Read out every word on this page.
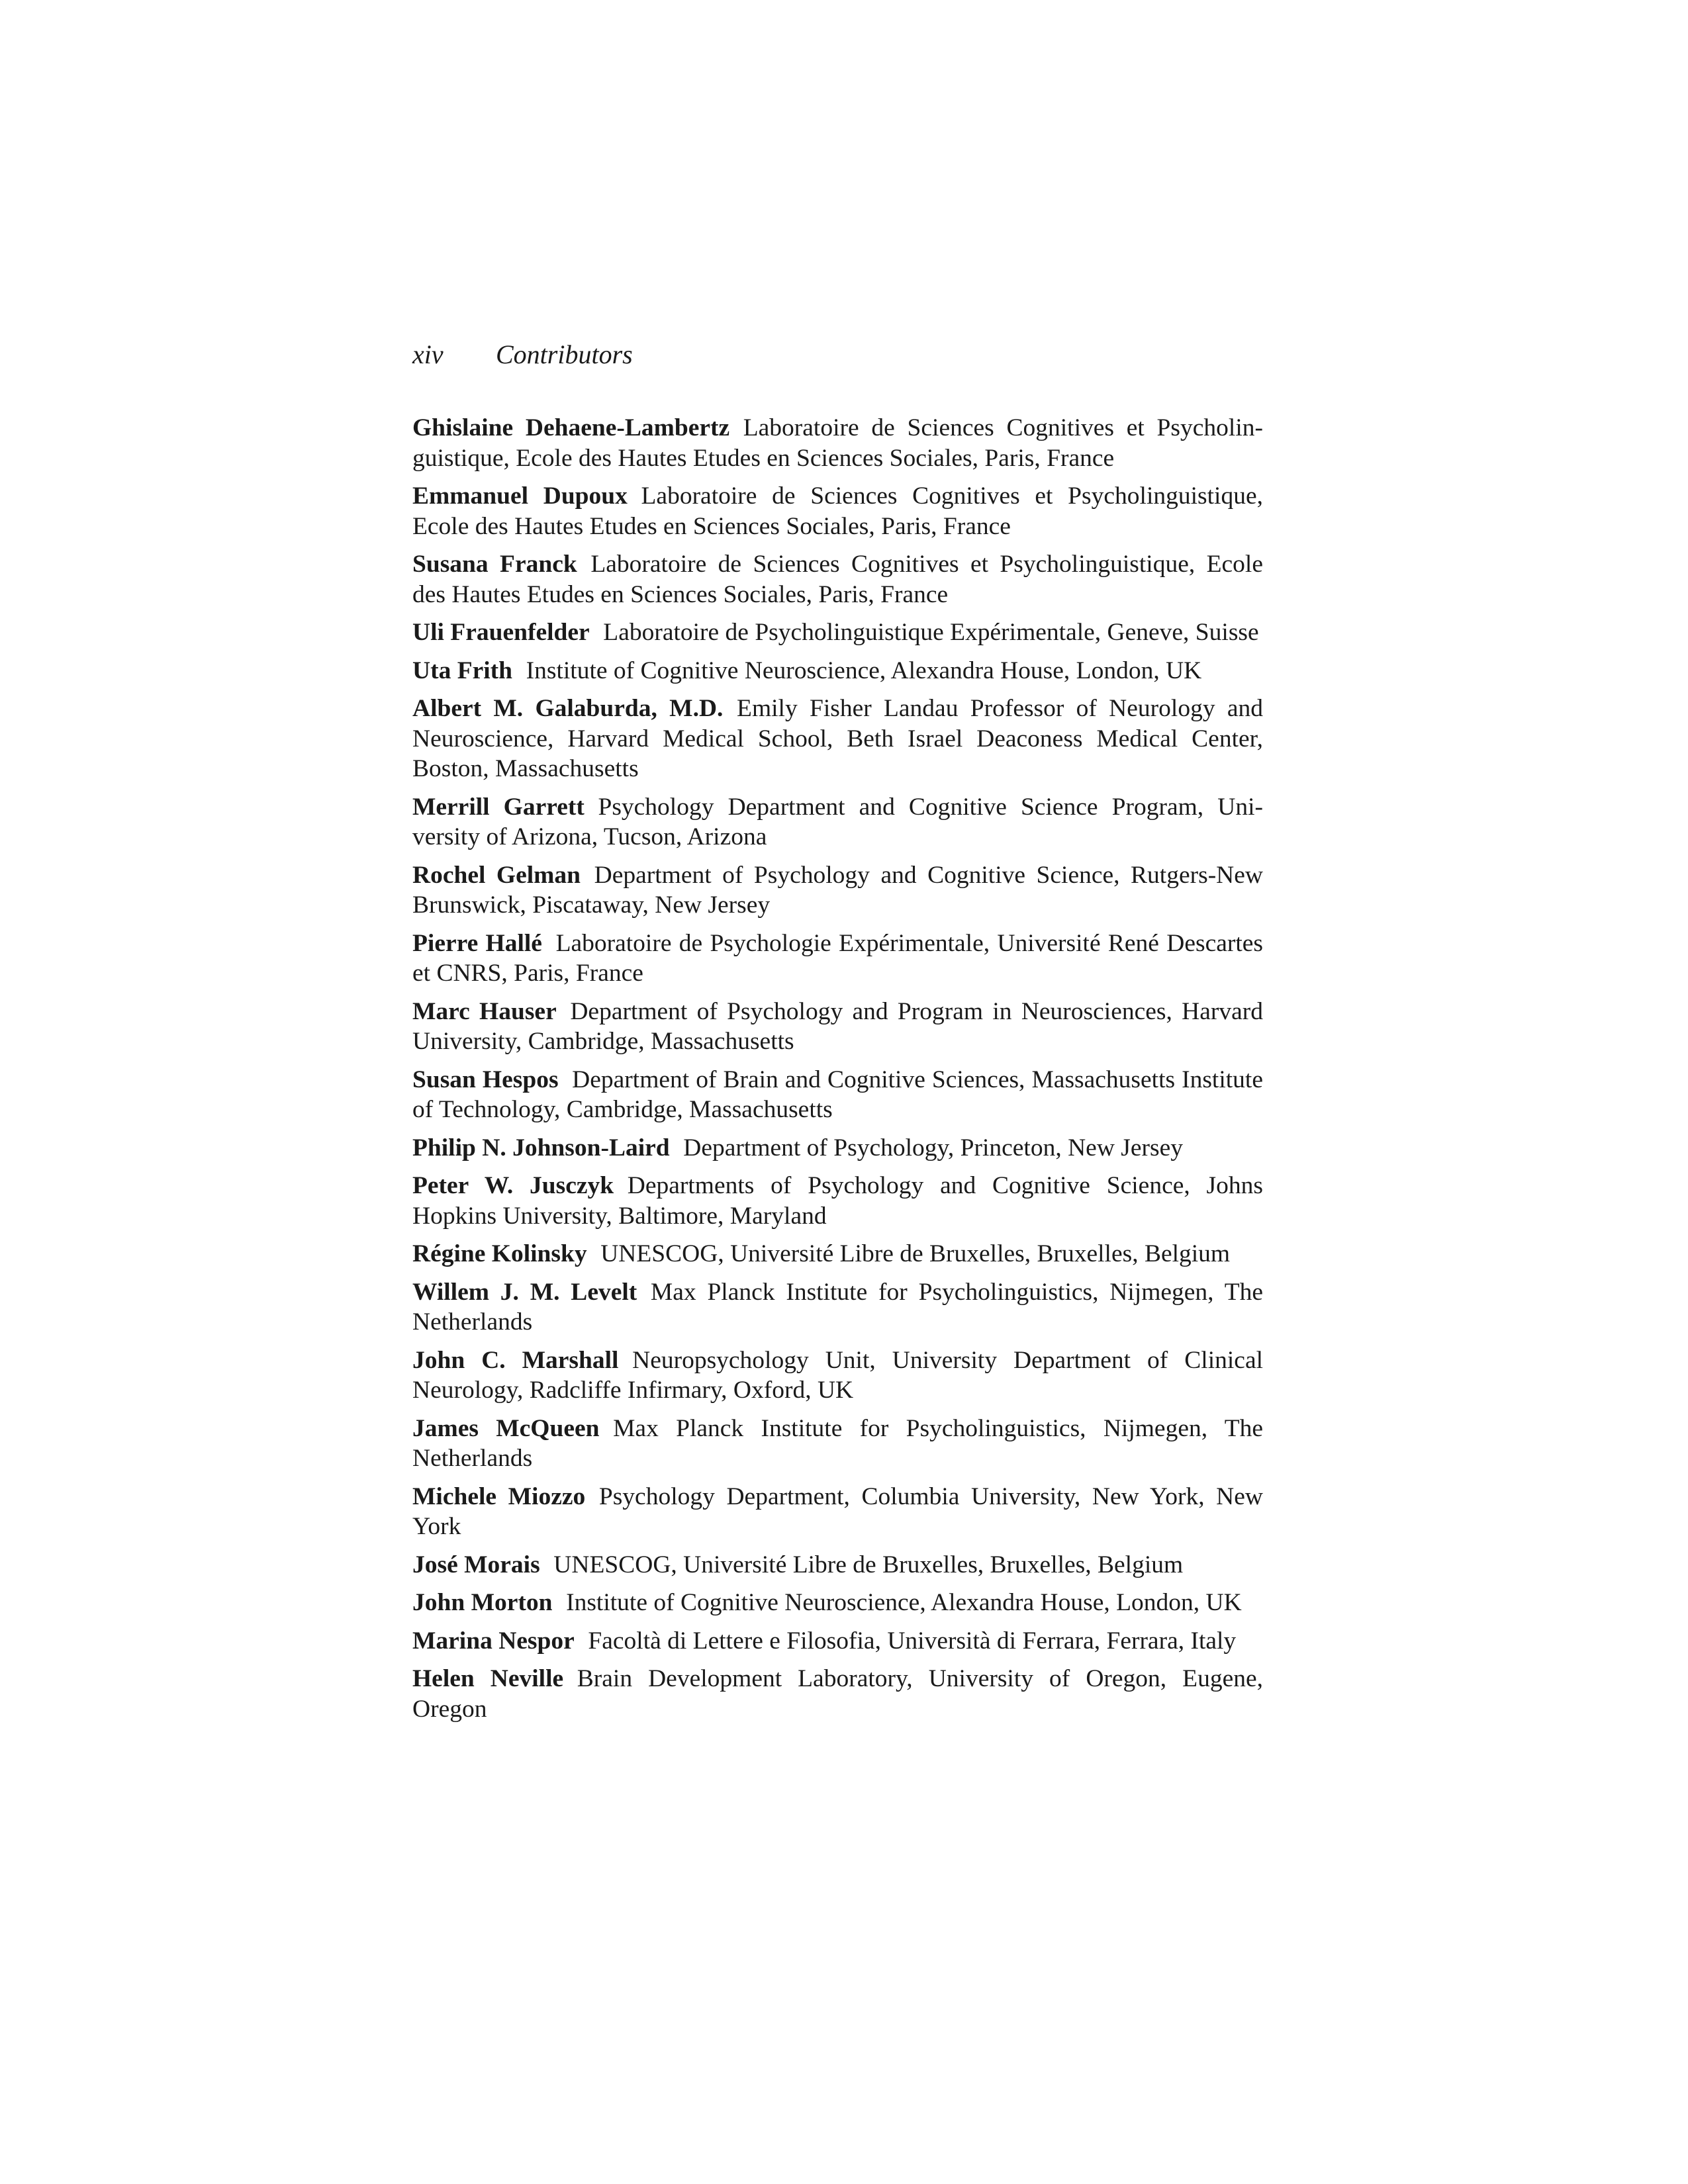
xiv Contributors

Ghislaine Dehaene-Lambertz Laboratoire de Sciences Cognitives et Psycholinguistique, Ecole des Hautes Etudes en Sciences Sociales, Paris, France

Emmanuel Dupoux Laboratoire de Sciences Cognitives et Psycholinguistique, Ecole des Hautes Etudes en Sciences Sociales, Paris, France

Susana Franck Laboratoire de Sciences Cognitives et Psycholinguistique, Ecole des Hautes Etudes en Sciences Sociales, Paris, France

Uli Frauenfelder Laboratoire de Psycholinguistique Expérimentale, Geneve, Suisse

Uta Frith Institute of Cognitive Neuroscience, Alexandra House, London, UK

Albert M. Galaburda, M.D. Emily Fisher Landau Professor of Neurology and Neuroscience, Harvard Medical School, Beth Israel Deaconess Medical Center, Boston, Massachusetts

Merrill Garrett Psychology Department and Cognitive Science Program, University of Arizona, Tucson, Arizona

Rochel Gelman Department of Psychology and Cognitive Science, Rutgers-New Brunswick, Piscataway, New Jersey

Pierre Hallé Laboratoire de Psychologie Expérimentale, Université René Descartes et CNRS, Paris, France

Marc Hauser Department of Psychology and Program in Neurosciences, Harvard University, Cambridge, Massachusetts

Susan Hespos Department of Brain and Cognitive Sciences, Massachusetts Institute of Technology, Cambridge, Massachusetts

Philip N. Johnson-Laird Department of Psychology, Princeton, New Jersey

Peter W. Jusczyk Departments of Psychology and Cognitive Science, Johns Hopkins University, Baltimore, Maryland

Régine Kolinsky UNESCOG, Université Libre de Bruxelles, Bruxelles, Belgium

Willem J. M. Levelt Max Planck Institute for Psycholinguistics, Nijmegen, The Netherlands

John C. Marshall Neuropsychology Unit, University Department of Clinical Neurology, Radcliffe Infirmary, Oxford, UK

James McQueen Max Planck Institute for Psycholinguistics, Nijmegen, The Netherlands

Michele Miozzo Psychology Department, Columbia University, New York, New York

José Morais UNESCOG, Université Libre de Bruxelles, Bruxelles, Belgium

John Morton Institute of Cognitive Neuroscience, Alexandra House, London, UK

Marina Nespor Facoltà di Lettere e Filosofia, Università di Ferrara, Ferrara, Italy

Helen Neville Brain Development Laboratory, University of Oregon, Eugene, Oregon
